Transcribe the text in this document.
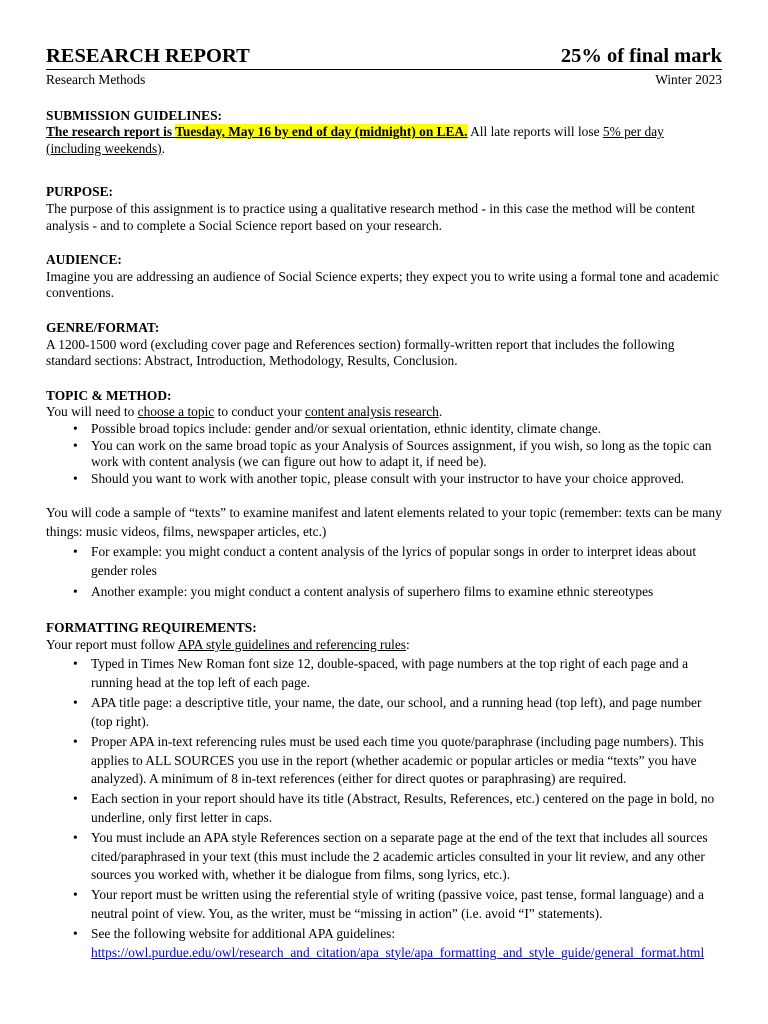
RESEARCH REPORT	25% of final mark
Research Methods	Winter 2023

SUBMISSION GUIDELINES:

The research report is Tuesday, May 16 by end of day (midnight) on LEA. All late reports will lose 5% per day (including weekends).

PURPOSE:

The purpose of this assignment is to practice using a qualitative research method - in this case the method will be content analysis - and to complete a Social Science report based on your research.

AUDIENCE:

Imagine you are addressing an audience of Social Science experts; they expect you to write using a formal tone and academic conventions.

GENRE/FORMAT:

A 1200-1500 word (excluding cover page and References section) formally-written report that includes the following standard sections: Abstract, Introduction, Methodology, Results, Conclusion.

TOPIC & METHOD:

You will need to choose a topic to conduct your content analysis research.

• Possible broad topics include: gender and/or sexual orientation, ethnic identity, climate change.
• You can work on the same broad topic as your Analysis of Sources assignment, if you wish, so long as the topic can work with content analysis (we can figure out how to adapt it, if need be).
• Should you want to work with another topic, please consult with your instructor to have your choice approved.

You will code a sample of “texts” to examine manifest and latent elements related to your topic (remember: texts can be many things: music videos, films, newspaper articles, etc.)

• For example: you might conduct a content analysis of the lyrics of popular songs in order to interpret ideas about gender roles
• Another example: you might conduct a content analysis of superhero films to examine ethnic stereotypes

FORMATTING REQUIREMENTS:

Your report must follow APA style guidelines and referencing rules:

• Typed in Times New Roman font size 12, double-spaced, with page numbers at the top right of each page and a running head at the top left of each page.
• APA title page: a descriptive title, your name, the date, our school, and a running head (top left), and page number (top right).
• Proper APA in-text referencing rules must be used each time you quote/paraphrase (including page numbers). This applies to ALL SOURCES you use in the report (whether academic or popular articles or media “texts” you have analyzed). A minimum of 8 in-text references (either for direct quotes or paraphrasing) are required.
• Each section in your report should have its title (Abstract, Results, References, etc.) centered on the page in bold, no underline, only first letter in caps.
• You must include an APA style References section on a separate page at the end of the text that includes all sources cited/paraphrased in your text (this must include the 2 academic articles consulted in your lit review, and any other sources you worked with, whether it be dialogue from films, song lyrics, etc.).
• Your report must be written using the referential style of writing (passive voice, past tense, formal language) and a neutral point of view. You, as the writer, must be “missing in action” (i.e. avoid “I” statements).
• See the following website for additional APA guidelines:
https://owl.purdue.edu/owl/research_and_citation/apa_style/apa_formatting_and_style_guide/general_format.html
